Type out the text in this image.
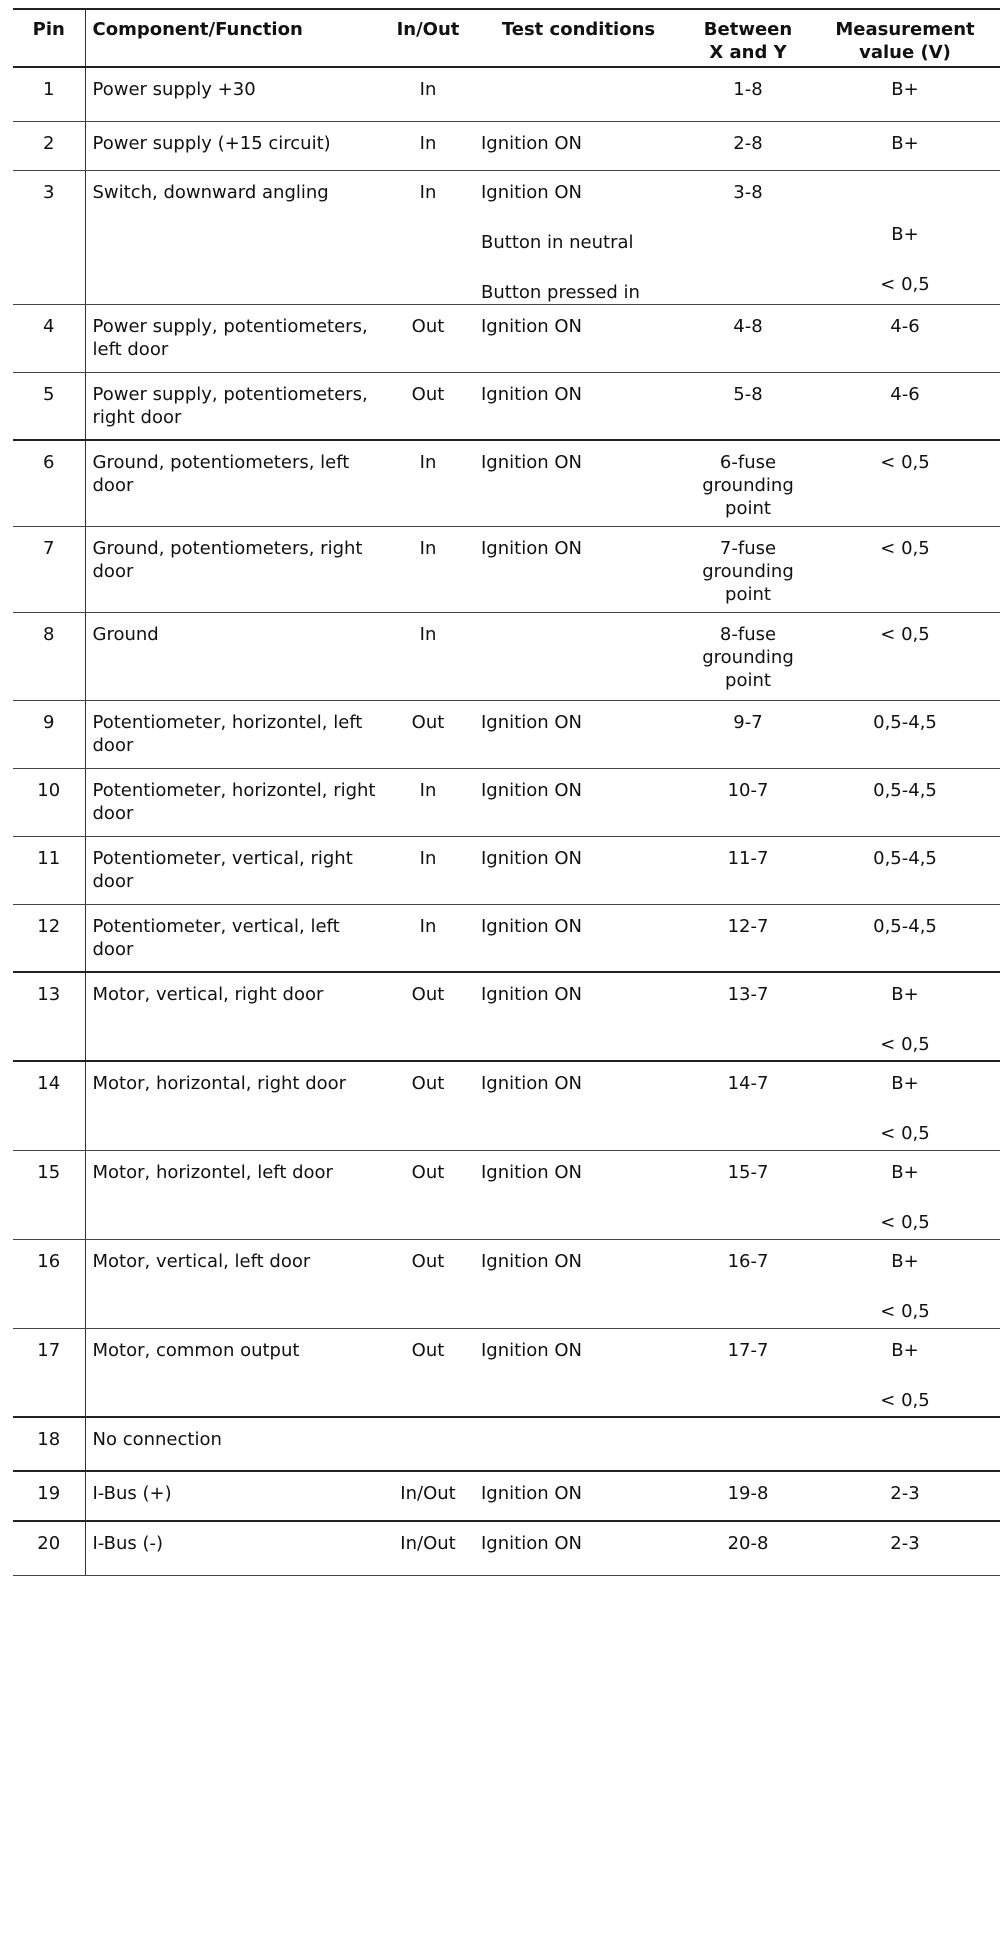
Pin	Component/Function	In/Out	Test conditions	Between
X and Y	Measurement
value (V)

1	Power supply +30	In		1-8	B+

2	Power supply (+15 circuit)	In	Ignition ON	2-8	B+

3	Switch, downward angling	In	Ignition ON
Button in neutral
Button pressed in	3-8	B+
< 0,5

4	Power supply, potentiometers,
left door	Out	Ignition ON	4-8	4-6

5	Power supply, potentiometers,
right door	Out	Ignition ON	5-8	4-6

6	Ground, potentiometers, left
door	In	Ignition ON	6-fuse
grounding
point	< 0,5

7	Ground, potentiometers, right
door	In	Ignition ON	7-fuse
grounding
point	< 0,5

8	Ground	In		8-fuse
grounding
point	< 0,5

9	Potentiometer, horizontel, left
door	Out	Ignition ON	9-7	0,5-4,5

10	Potentiometer, horizontel, right
door	In	Ignition ON	10-7	0,5-4,5

11	Potentiometer, vertical, right
door	In	Ignition ON	11-7	0,5-4,5

12	Potentiometer, vertical, left
door	In	Ignition ON	12-7	0,5-4,5

13	Motor, vertical, right door	Out	Ignition ON	13-7	B+
< 0,5

14	Motor, horizontal, right door	Out	Ignition ON	14-7	B+
< 0,5

15	Motor, horizontel, left door	Out	Ignition ON	15-7	B+
< 0,5

16	Motor, vertical, left door	Out	Ignition ON	16-7	B+
< 0,5

17	Motor, common output	Out	Ignition ON	17-7	B+
< 0,5

18	No connection				

19	I-Bus (+)	In/Out	Ignition ON	19-8	2-3

20	I-Bus (-)	In/Out	Ignition ON	20-8	2-3
